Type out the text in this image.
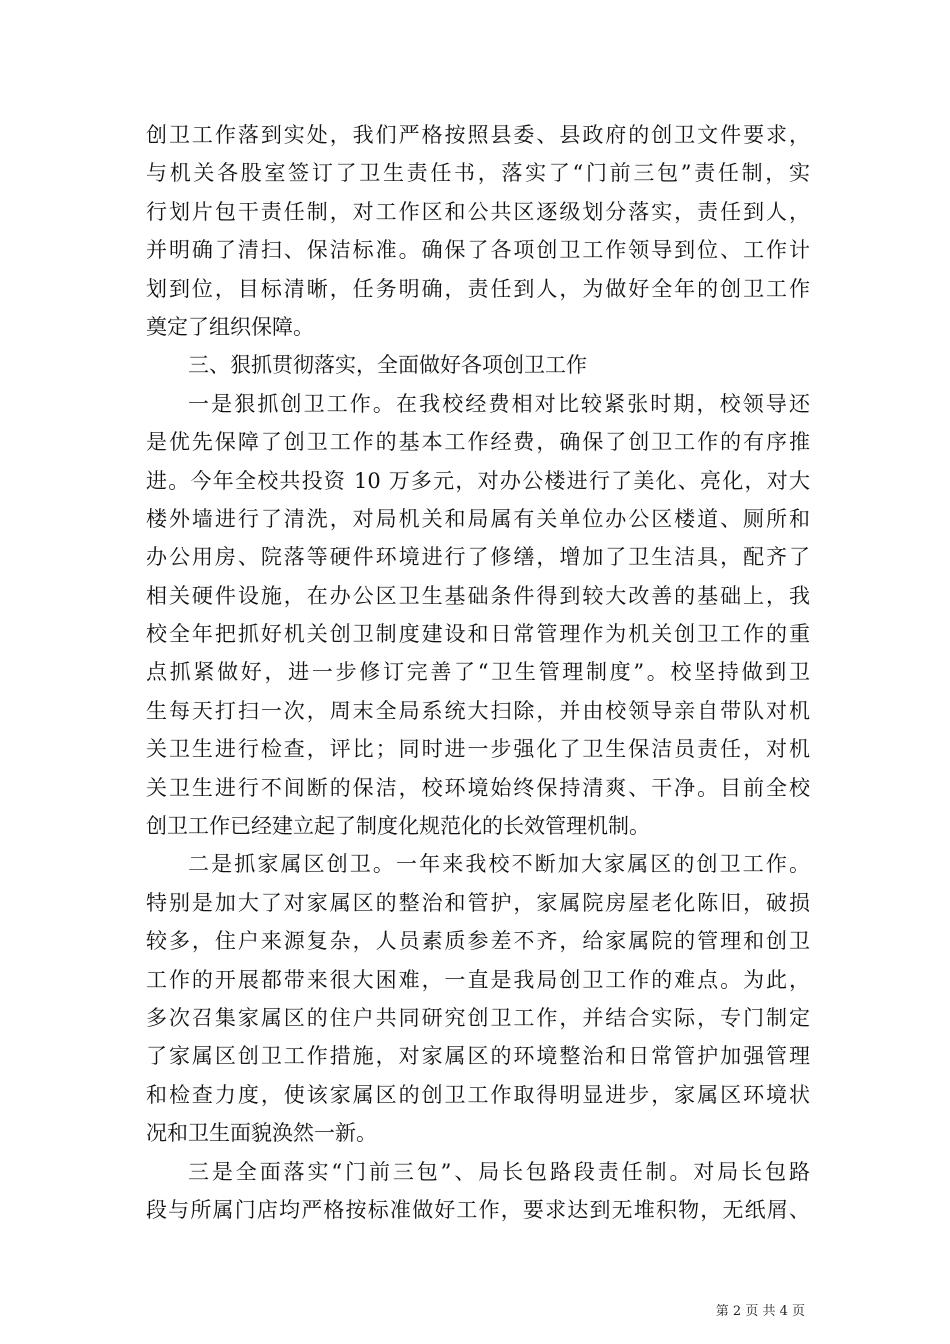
创卫工作落到实处，我们严格按照县委、县政府的创卫文件要求，
与机关各股室签订了卫生责任书，落实了“门前三包”责任制，实
行划片包干责任制，对工作区和公共区逐级划分落实，责任到人，
并明确了清扫、保洁标准。确保了各项创卫工作领导到位、工作计
划到位，目标清晰，任务明确，责任到人，为做好全年的创卫工作
奠定了组织保障。
三、狠抓贯彻落实，全面做好各项创卫工作
一是狠抓创卫工作。在我校经费相对比较紧张时期，校领导还
是优先保障了创卫工作的基本工作经费，确保了创卫工作的有序推
进。今年全校共投资 10 万多元，对办公楼进行了美化、亮化，对大
楼外墙进行了清洗，对局机关和局属有关单位办公区楼道、厕所和
办公用房、院落等硬件环境进行了修缮，增加了卫生洁具，配齐了
相关硬件设施，在办公区卫生基础条件得到较大改善的基础上，我
校全年把抓好机关创卫制度建设和日常管理作为机关创卫工作的重
点抓紧做好，进一步修订完善了“卫生管理制度”。校坚持做到卫
生每天打扫一次，周末全局系统大扫除，并由校领导亲自带队对机
关卫生进行检查，评比；同时进一步强化了卫生保洁员责任，对机
关卫生进行不间断的保洁，校环境始终保持清爽、干净。目前全校
创卫工作已经建立起了制度化规范化的长效管理机制。
二是抓家属区创卫。一年来我校不断加大家属区的创卫工作。
特别是加大了对家属区的整治和管护，家属院房屋老化陈旧，破损
较多，住户来源复杂，人员素质参差不齐，给家属院的管理和创卫
工作的开展都带来很大困难，一直是我局创卫工作的难点。为此，
多次召集家属区的住户共同研究创卫工作，并结合实际，专门制定
了家属区创卫工作措施，对家属区的环境整治和日常管护加强管理
和检查力度，使该家属区的创卫工作取得明显进步，家属区环境状
况和卫生面貌涣然一新。
三是全面落实“门前三包”、局长包路段责任制。对局长包路
段与所属门店均严格按标准做好工作，要求达到无堆积物，无纸屑、
第 2 页 共 4 页
